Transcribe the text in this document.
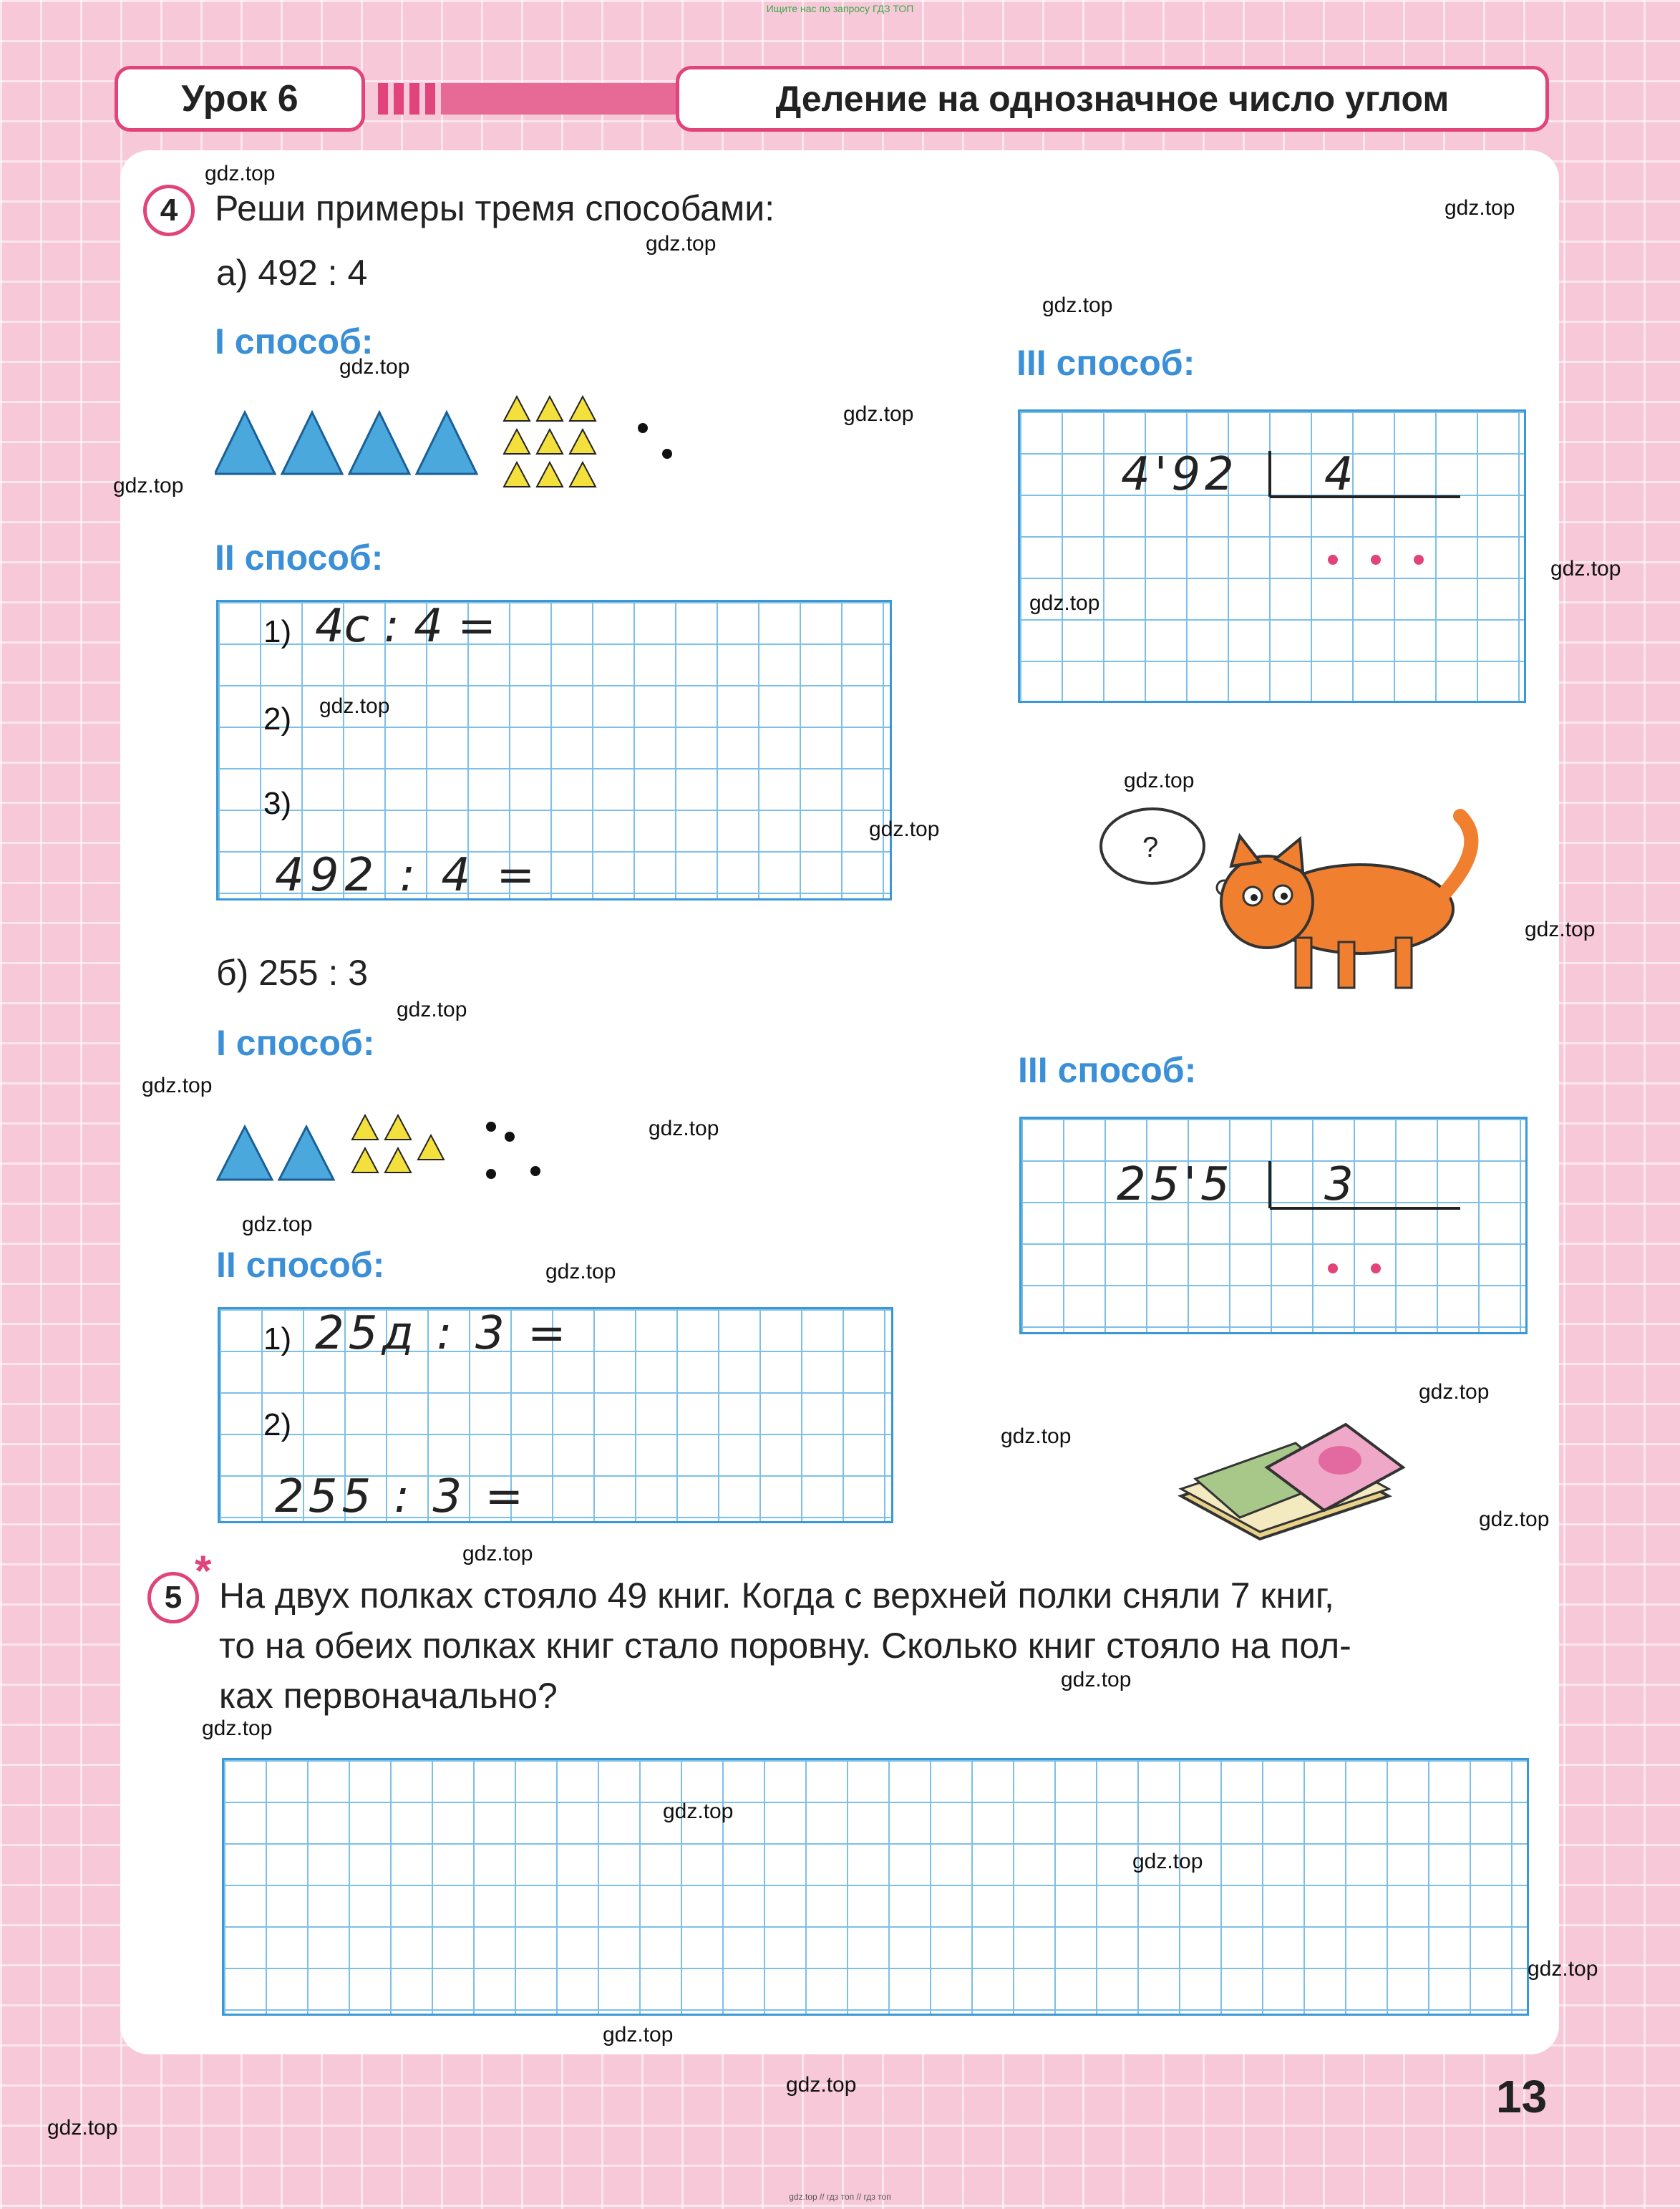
Ищите нас по запросу ГДЗ ТОП
Урок 6	Деление на однозначное число углом
4	Реши примеры тремя способами:
а) 492 : 4
I способ:
II способ:
1) 4с : 4 =
2)
3)
492 : 4 =
III способ:
4'92 4
?
б) 255 : 3
I способ:
II способ:
1) 25д : 3 =
2)
255 : 3 =
III способ:
25'5 3
*
5	На двух полках стояло 49 книг. Когда с верхней полки сняли 7 книг,
то на обеих полках книг стало поровну. Сколько книг стояло на пол-
ках первоначально?
13
gdz.top
gdz.top
gdz.top
gdz.top
gdz.top
gdz.top
gdz.top
gdz.top
gdz.top
gdz.top
gdz.top
gdz.top
gdz.top
gdz.top
gdz.top
gdz.top
gdz.top
gdz.top
gdz.top
gdz.top
gdz.top
gdz.top
gdz.top
gdz.top
gdz.top
gdz.top
gdz.top
gdz.top
gdz.top
gdz.top
gdz.top // гдз топ // гдз топ
